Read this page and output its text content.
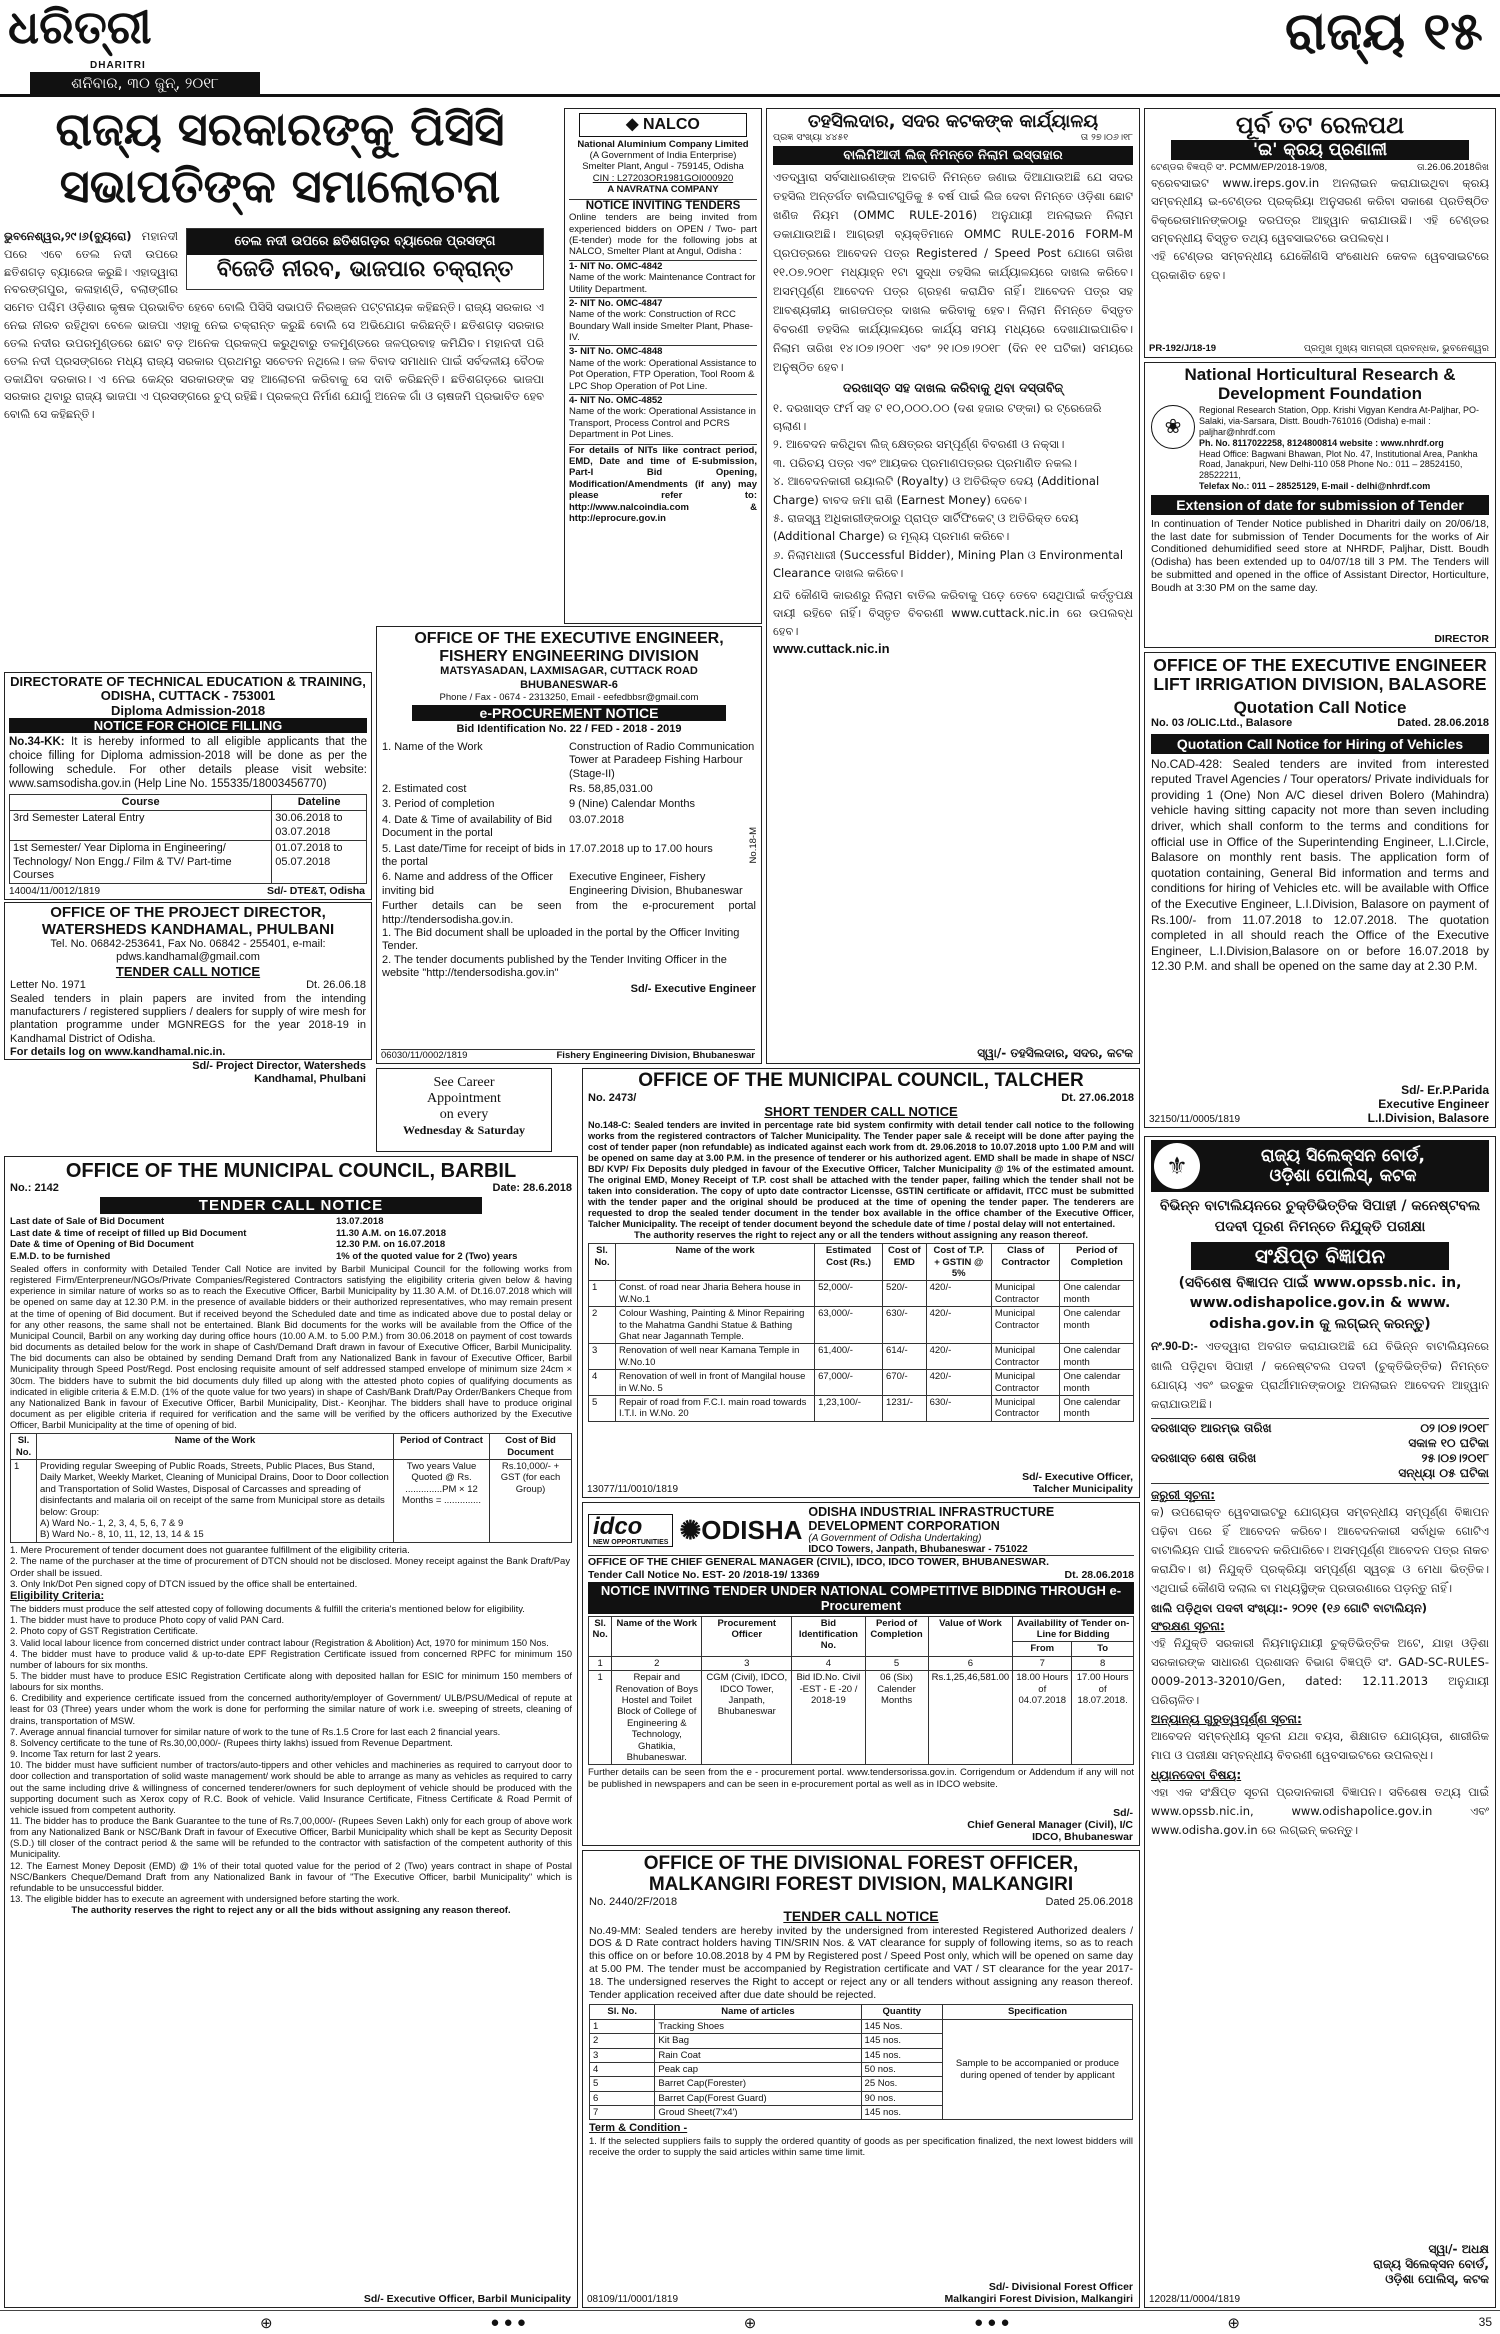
ଧରିତ୍ରୀ
DHARITRI
ଶନିବାର, ୩୦ ଜୁନ୍, ୨୦୧୮
ରାଜ୍ୟ ୧୫
ରାଜ୍ୟ ସରକାରଙ୍କୁ ପିସିସି
ସଭାପତିଙ୍କ ସମାଲୋଚନା
ତେଲ ନଦୀ ଉପରେ ଛତିଶଗଡ଼ର ବ୍ୟାରେଜ ପ୍ରସଙ୍ଗ
ବିଜେଡି ନୀରବ, ଭାଜପାର ଚକ୍ରାନ୍ତ
ଭୁବନେଶ୍ୱର,୨୯।୬(ବ୍ୟୁରୋ) ମହାନଦୀ ପରେ ଏବେ ତେଲ ନଦୀ ଉପରେ ଛତିଶଗଡ଼ ବ୍ୟାରେଜ କରୁଛି। ଏହାଦ୍ୱାରା ନବରଙ୍ଗପୁର, କଳାହାଣ୍ଡି, ବଲାଙ୍ଗୀର ସମେତ ପଶ୍ଚିମ ଓଡ଼ିଶାର କୃଷକ ପ୍ରଭାବିତ ହେବେ ବୋଲି ପିସିସି ସଭାପତି ନିରଞ୍ଜନ ପଟ୍ଟନାୟକ କହିଛନ୍ତି। ରାଜ୍ୟ ସରକାର ଏ ନେଇ ନୀରବ ରହିଥିବା ବେଳେ ଭାଜପା ଏହାକୁ ନେଇ ଚକ୍ରାନ୍ତ କରୁଛି ବୋଲି ସେ ଅଭିଯୋଗ କରିଛନ୍ତି। ଛତିଶଗଡ଼ ସରକାର ତେଲ ନଦୀର ଉପରମୁଣ୍ଡରେ ଛୋଟ ବଡ଼ ଅନେକ ପ୍ରକଳ୍ପ କରୁଥିବାରୁ ତଳମୁଣ୍ଡରେ ଜଳପ୍ରବାହ କମିଯିବ। ମହାନଦୀ ପରି ତେଲ ନଦୀ ପ୍ରସଙ୍ଗରେ ମଧ୍ୟ ରାଜ୍ୟ ସରକାର ପ୍ରଥମରୁ ସଚେତନ ନଥିଲେ। ଜଳ ବିବାଦ ସମାଧାନ ପାଇଁ ସର୍ବଦଳୀୟ ବୈଠକ ଡକାଯିବା ଦରକାର। ଏ ନେଇ କେନ୍ଦ୍ର ସରକାରଙ୍କ ସହ ଆଲୋଚନା କରିବାକୁ ସେ ଦାବି କରିଛନ୍ତି। ଛତିଶଗଡ଼ରେ ଭାଜପା ସରକାର ଥିବାରୁ ରାଜ୍ୟ ଭାଜପା ଏ ପ୍ରସଙ୍ଗରେ ଚୁପ୍ ରହିଛି। ପ୍ରକଳ୍ପ ନିର୍ମାଣ ଯୋଗୁଁ ଅନେକ ଗାଁ ଓ ଚାଷଜମି ପ୍ରଭାବିତ ହେବ ବୋଲି ସେ କହିଛନ୍ତି।
DIRECTORATE OF TECHNICAL EDUCATION & TRAINING, ODISHA, CUTTACK - 753001
Diploma Admission-2018
NOTICE FOR CHOICE FILLING
No.34-KK: It is hereby informed to all eligible applicants that the choice filling for Diploma admission-2018 will be done as per the following schedule. For other details please visit website: www.samsodisha.gov.in (Help Line No. 155335/18003456770)
Course	Dateline
3rd Semester Lateral Entry	30.06.2018 to 03.07.2018
1st Semester/ Year Diploma in Engineering/ Technology/ Non Engg./ Film & TV/ Part-time Courses	01.07.2018 to 05.07.2018
14004/11/0012/1819	Sd/- DTE&T, Odisha
OFFICE OF THE PROJECT DIRECTOR,
WATERSHEDS KANDHAMAL, PHULBANI
Tel. No. 06842-253641, Fax No. 06842 - 255401, e-mail: pdws.kandhamal@gmail.com
TENDER CALL NOTICE
Letter No. 1971	Dt. 26.06.18
Sealed tenders in plain papers are invited from the intending manufacturers / registered suppliers / dealers for supply of wire mesh for plantation programme under MGNREGS for the year 2018-19 in Kandhamal District of Odisha.
For details log on www.kandhamal.nic.in.
Sd/- Project Director, Watersheds
Kandhamal, Phulbani
◆ NALCO
National Aluminium Company Limited
(A Government of India Enterprise)
Smelter Plant, Angul - 759145, Odisha
CIN : L27203OR1981GOI000920
A NAVRATNA COMPANY
NOTICE INVITING TENDERS
Online tenders are being invited from experienced bidders on OPEN / Two- part (E-tender) mode for the following jobs at NALCO, Smelter Plant at Angul, Odisha :
1- NIT No. OMC-4842
Name of the work: Maintenance Contract for Utility Department.
2- NIT No. OMC-4847
Name of the work: Construction of RCC Boundary Wall inside Smelter Plant, Phase-IV.
3- NIT No. OMC-4848
Name of the work: Operational Assistance to Pot Operation, FTP Operation, Tool Room & LPC Shop Operation of Pot Line.
4- NIT No. OMC-4852
Name of the work: Operational Assistance in Transport, Process Control and PCRS Department in Pot Lines.
For details of NITs like contract period, EMD, Date and time of E-submission, Part-I Bid Opening, Modification/Amendments (if any) may please refer to: http://www.nalcoindia.com & http://eprocure.gov.in
OFFICE OF THE EXECUTIVE ENGINEER,
FISHERY ENGINEERING DIVISION
MATSYASADAN, LAXMISAGAR, CUTTACK ROAD
BHUBANESWAR-6
Phone / Fax - 0674 - 2313250, Email - eefedbbsr@gmail.com
e-PROCUREMENT NOTICE
Bid Identification No. 22 / FED - 2018 - 2019
1. Name of the Work	Construction of Radio Communication Tower at Paradeep Fishing Harbour (Stage-II)
2. Estimated cost	Rs. 58,85,031.00
3. Period of completion	9 (Nine) Calendar Months
4. Date & Time of availability of Bid Document in the portal
03.07.2018
5. Last date/Time for receipt of bids in the portal
17.07.2018 up to 17.00 hours
6. Name and address of the Officer inviting bid
Executive Engineer, Fishery Engineering Division, Bhubaneswar
Further details can be seen from the e-procurement portal http://tendersodisha.gov.in.
1. The Bid document shall be uploaded in the portal by the Officer Inviting Tender.
2. The tender documents published by the Tender Inviting Officer in the website "http://tendersodisha.gov.in"
Sd/- Executive Engineer
06030/11/0002/1819	Fishery Engineering Division, Bhubaneswar
No.18-M
See Career
Appointment
on every
Wednesday & Saturday
ତହସିଲଦାର, ସଦର କଟକଙ୍କ କାର୍ଯ୍ୟାଳୟ
ପ୍ରଜ୍ଞ ସଂଖ୍ୟା ୪୪୫୧	ତା ୨୭।୦୬।୧୮
ବାଲିମିଆଦୀ ଲିଜ୍ ନିମନ୍ତେ ନିଲାମ ଇସ୍ତାହାର
ଏତଦ୍ୱାରା ସର୍ବସାଧାରଣଙ୍କ ଅବଗତି ନିମନ୍ତେ ଜଣାଇ ଦିଆଯାଉଅଛି ଯେ ସଦର ତହସିଲ ଅନ୍ତର୍ଗତ ବାଲିଘାଟଗୁଡିକୁ ୫ ବର୍ଷ ପାଇଁ ଲିଜ ଦେବା ନିମନ୍ତେ ଓଡ଼ିଶା ଛୋଟ ଖଣିଜ ନିୟମ (OMMC RULE-2016) ଅନୁଯାୟୀ ଅନଲାଇନ ନିଲାମ ଡକାଯାଉଅଛି। ଆଗ୍ରହୀ ବ୍ୟକ୍ତିମାନେ OMMC RULE-2016 FORM-M ପ୍ରପତ୍ରରେ ଆବେଦନ ପତ୍ର Registered / Speed Post ଯୋଗେ ତାରିଖ ୧୧.୦୭.୨୦୧୮ ମଧ୍ୟାହ୍ନ ୧ଟା ସୁଦ୍ଧା ତହସିଲ କାର୍ଯ୍ୟାଳୟରେ ଦାଖଲ କରିବେ। ଅସମ୍ପୂର୍ଣ୍ଣ ଆବେଦନ ପତ୍ର ଗ୍ରହଣ କରାଯିବ ନାହିଁ। ଆବେଦନ ପତ୍ର ସହ ଆବଶ୍ୟକୀୟ କାଗଜପତ୍ର ଦାଖଲ କରିବାକୁ ହେବ। ନିଲାମ ନିମନ୍ତେ ବିସ୍ତୃତ ବିବରଣୀ ତହସିଲ କାର୍ଯ୍ୟାଳୟରେ କାର୍ଯ୍ୟ ସମୟ ମଧ୍ୟରେ ଦେଖାଯାଇପାରିବ। ନିଲାମ ତାରିଖ ୧୪।୦୭।୨୦୧୮ ଏବଂ ୨୧।୦୭।୨୦୧୮ (ଦିନ ୧୧ ଘଟିକା) ସମୟରେ ଅନୁଷ୍ଠିତ ହେବ।
ଦରଖାସ୍ତ ସହ ଦାଖଲ କରିବାକୁ ଥିବା ଦସ୍ତାବିଜ୍
୧. ଦରଖାସ୍ତ ଫର୍ମ ସହ ଟ ୧୦,୦୦୦.୦୦ (ଦଶ ହଜାର ଟଙ୍କା) ର ଟ୍ରେଜେରି ଚାଲାଣ।
୨. ଆବେଦନ କରିଥିବା ଲିଜ୍ କ୍ଷେତ୍ରର ସମ୍ପୂର୍ଣ୍ଣ ବିବରଣୀ ଓ ନକ୍ସା।
୩. ପରିଚୟ ପତ୍ର ଏବଂ ଆୟକର ପ୍ରମାଣପତ୍ରର ପ୍ରମାଣିତ ନକଲ।
୪. ଆବେଦନକାରୀ ରୟାଲଟି (Royalty) ଓ ଅତିରିକ୍ତ ଦେୟ (Additional Charge) ବାବଦ ଜମା ରାଶି (Earnest Money) ଦେବେ।
୫. ରାଜସ୍ୱ ଅଧିକାରୀଙ୍କଠାରୁ ପ୍ରାପ୍ତ ସାର୍ଟିଫିକେଟ୍ ଓ ଅତିରିକ୍ତ ଦେୟ (Additional Charge) ର ମୂଲ୍ୟ ପ୍ରମାଣ କରିବେ।
୬. ନିଲାମଧାରୀ (Successful Bidder), Mining Plan ଓ Environmental Clearance ଦାଖଲ କରିବେ।
ଯଦି କୌଣସି କାରଣରୁ ନିଲାମ ବାତିଲ କରିବାକୁ ପଡ଼େ ତେବେ ସେଥିପାଇଁ କର୍ତ୍ତୃପକ୍ଷ ଦାୟୀ ରହିବେ ନାହିଁ। ବିସ୍ତୃତ ବିବରଣୀ www.cuttack.nic.in ରେ ଉପଲବ୍ଧ ହେବ।
www.cuttack.nic.in
ସ୍ୱା/- ତହସିଲଦାର, ସଦର, କଟକ
OFFICE OF THE MUNICIPAL COUNCIL, TALCHER
No. 2473/	Dt. 27.06.2018
SHORT TENDER CALL NOTICE
No.148-C: Sealed tenders are invited in percentage rate bid system confirmity with detail tender call notice to the following works from the registered contractors of Talcher Municipality. The Tender paper sale & receipt will be done after paying the cost of tender paper (non refundable) as indicated against each work from dt. 29.06.2018 to 10.07.2018 upto 1.00 P.M and will be opened on same day at 3.00 P.M. in the presence of tenderer or his authorized agent. EMD shall be made in shape of NSC/ BD/ KVP/ Fix Deposits duly pledged in favour of the Executive Officer, Talcher Municipality @ 1% of the estimated amount. The original EMD, Money Receipt of T.P. cost shall be attached with the tender paper, failing which the tender shall not be taken into consideration. The copy of upto date contractor Licensse, GSTIN certificate or affidavit, ITCC must be submitted with the tender paper and the original should be produced at the time of opening the tender paper. The tenderers are requested to drop the sealed tender document in the tender box available in the office chamber of the Executive Officer, Talcher Municipality. The receipt of tender document beyond the schedule date of time / postal delay will not entertained.
The authority reserves the right to reject any or all the tenders without assigning any reason thereof.
Sl. No.	Name of the work	Estimated Cost (Rs.)	Cost of EMD	Cost of T.P. + GSTIN @ 5%	Class of Contractor	Period of Completion
1	Const. of road near Jharia Behera house in W.No.1	52,000/-	520/-	420/-	Municipal Contractor	One calendar month
2	Colour Washing, Painting & Minor Repairing to the Mahatma Gandhi Statue & Bathing Ghat near Jagannath Temple.	63,000/-	630/-	420/-	Municipal Contractor	One calendar month
3	Renovation of well near Kamana Temple in W.No.10	61,400/-	614/-	420/-	Municipal Contractor	One calendar month
4	Renovation of well in front of Mangilal house in W.No. 5	67,000/-	670/-	420/-	Municipal Contractor	One calendar month
5	Repair of road from F.C.I. main road towards I.T.I. in W.No. 20	1,23,100/-	1231/-	630/-	Municipal Contractor	One calendar month
13077/11/0010/1819
Sd/- Executive Officer,
Talcher Municipality
idco
NEW OPPORTUNITIES ✺ODISHA
ODISHA INDUSTRIAL INFRASTRUCTURE
DEVELOPMENT CORPORATION
(A Government of Odisha Undertaking)
IDCO Towers, Janpath, Bhubaneswar - 751022
OFFICE OF THE CHIEF GENERAL MANAGER (CIVIL), IDCO, IDCO TOWER, BHUBANESWAR.
Tender Call Notice No. EST- 20 /2018-19/ 13369	Dt. 28.06.2018
NOTICE INVITING TENDER UNDER NATIONAL COMPETITIVE BIDDING THROUGH e-Procurement
Sl. No.	Name of the Work	Procurement Officer	Bid Identification No.	Period of Completion	Value of Work	Availability of Tender on-Line for Bidding	
						From	To
1	2	3	4	5	6	7	8
1	Repair and Renovation of Boys Hostel and Toilet Block of College of Engineering & Technology, Ghatikia, Bhubaneswar.	CGM (Civil), IDCO, IDCO Tower, Janpath, Bhubaneswar	Bid ID.No. Civil -EST - E -20 / 2018-19	06 (Six) Calender Months	Rs.1,25,46,581.00	18.00 Hours of 04.07.2018	17.00 Hours of 18.07.2018.
Further details can be seen from the e - procurement portal. www.tendersorissa.gov.in. Corrigendum or Addendum if any will not be published in newspapers and can be seen in e-procurement portal as well as in IDCO website.
Sd/-
Chief General Manager (Civil), I/C
IDCO, Bhubaneswar
OFFICE OF THE DIVISIONAL FOREST OFFICER,
MALKANGIRI FOREST DIVISION, MALKANGIRI
No. 2440/2F/2018	Dated 25.06.2018
TENDER CALL NOTICE
No.49-MM: Sealed tenders are hereby invited by the undersigned from interested Registered Authorized dealers / DOS & D Rate contract holders having TIN/SRIN Nos. & VAT clearance for supply of following items, so as to reach this office on or before 10.08.2018 by 4 PM by Registered post / Speed Post only, which will be opened on same day at 5.00 PM. The tender must be accompanied by Registration certificate and VAT / ST clearance for the year 2017-18. The undersigned reserves the Right to accept or reject any or all tenders without assigning any reason thereof. Tender application received after due date should be rejected.
Sl. No.	Name of articles	Quantity	Specification
1	Tracking Shoes	145 Nos.	Sample to be accompanied or produce during opened of tender by applicant
2	Kit Bag	145 nos.	
3	Rain Coat	145 nos.	
4	Peak cap	50 nos.	
5	Barret Cap(Forester)	25 Nos.	
6	Barret Cap(Forest Guard)	90 nos.	
7	Groud Sheet(7'x4')	145 nos.	
Term & Condition -
1. If the selected suppliers fails to supply the ordered quantity of goods as per specification finalized, the next lowest bidders will receive the order to supply the said articles within same time limit.
08109/11/0001/1819
Sd/- Divisional Forest Officer
Malkangiri Forest Division, Malkangiri
OFFICE OF THE MUNICIPAL COUNCIL, BARBIL
No.: 2142	Date: 28.6.2018
TENDER CALL NOTICE
Last date of Sale of Bid Document	13.07.2018
Last date & time of receipt of filled up Bid Document	11.30 A.M. on 16.07.2018
Date & time of Opening of Bid Document	12.30 P.M. on 16.07.2018
E.M.D. to be furnished	1% of the quoted value for 2 (Two) years
Sealed offers in conformity with Detailed Tender Call Notice are invited by Barbil Municipal Council for the following works from registered Firm/Enterpreneur/NGOs/Private Companies/Registered Contractors satisfying the eligibility criteria given below & having experience in similar nature of works so as to reach the Executive Officer, Barbil Municipality by 11.30 A.M. of Dt.16.07.2018 which will be opened on same day at 12.30 P.M. in the presence of available bidders or their authorized representatives, who may remain present at the time of opening of Bid document. But if received beyond the Scheduled date and time as indicated above due to postal delay or for any other reasons, the same shall not be entertained. Blank Bid documents for the works will be available from the Office of the Municipal Council, Barbil on any working day during office hours (10.00 A.M. to 5.00 P.M.) from 30.06.2018 on payment of cost towards bid documents as detailed below for the work in shape of Cash/Demand Draft drawn in favour of Executive Officer, Barbil Municipality. The bid documents can also be obtained by sending Demand Draft from any Nationalized Bank in favour of Executive Officer, Barbil Municipality through Speed Post/Regd. Post enclosing requisite amount of self addressed stamped envelope of minimum size 24cm × 30cm. The bidders have to submit the bid documents duly filled up along with the attested photo copies of qualifying documents as indicated in eligible criteria & E.M.D. (1% of the quote value for two years) in shape of Cash/Bank Draft/Pay Order/Bankers Cheque from any Nationalized Bank in favour of Executive Officer, Barbil Municipality, Dist.- Keonjhar. The bidders shall have to produce original document as per eligible criteria if required for verification and the same will be verified by the officers authorized by the Executive Officer, Barbil Municipality at the time of opening of bid.
Sl. No.	Name of the Work	Period of Contract	Cost of Bid Document
1	Providing regular Sweeping of Public Roads, Streets, Public Places, Bus Stand, Daily Market, Weekly Market, Cleaning of Municipal Drains, Door to Door collection and Transportation of Solid Wastes, Disposal of Carcasses and spreading of disinfectants and malaria oil on receipt of the same from Municipal store as details below: Group:
A) Ward No.- 1, 2, 3, 4, 5, 6, 7 & 9
B) Ward No.- 8, 10, 11, 12, 13, 14 & 15	Two years Value Quoted @ Rs. ..............PM × 12 Months = ..............	Rs.10,000/- + GST (for each Group)
1. Mere Procurement of tender document does not guarantee fulfillment of the eligibility criteria.
2. The name of the purchaser at the time of procurement of DTCN should not be disclosed. Money receipt against the Bank Draft/Pay Order shall be issued.
3. Only Ink/Dot Pen signed copy of DTCN issued by the office shall be entertained.
Eligibility Criteria:
The bidders must produce the self attested copy of following documents & fulfill the criteria's mentioned below for eligibility.
1. The bidder must have to produce Photo copy of valid PAN Card.
2. Photo copy of GST Registration Certificate.
3. Valid local labour licence from concerned district under contract labour (Registration & Abolition) Act, 1970 for minimum 150 Nos.
4. The bidder must have to produce valid & up-to-date EPF Registration Certificate issued from concerned RPFC for minimum 150 number of labours for six months.
5. The bidder must have to produce ESIC Registration Certificate along with deposited hallan for ESIC for minimum 150 members of labours for six months.
6. Credibility and experience certificate issued from the concerned authority/employer of Government/ ULB/PSU/Medical of repute at least for 03 (Three) years under whom the work is done for performing the similar nature of work i.e. sweeping of streets, cleaning of drains, transportation of MSW.
7. Average annual financial turnover for similar nature of work to the tune of Rs.1.5 Crore for last each 2 financial years.
8. Solvency certificate to the tune of Rs.30,00,000/- (Rupees thirty lakhs) issued from Revenue Department.
9. Income Tax return for last 2 years.
10. The bidder must have sufficient number of tractors/auto-tippers and other vehicles and machineries as required to carryout door to door collection and transportation of solid waste management/ work should be able to arrange as many as vehicles as required to carry out the same including drive & willingness of concerned tenderer/owners for such deployment of vehicle should be produced with the supporting document such as Xerox copy of R.C. Book of vehicle. Valid Insurance Certificate, Fitness Certificate & Road Permit of vehicle issued from competent authority.
11. The bidder has to produce the Bank Guarantee to the tune of Rs.7,00,000/- (Rupees Seven Lakh) only for each group of above work from any Nationalized Bank or NSC/Bank Draft in favour of Executive Officer, Barbil Municipality which shall be kept as Security Deposit (S.D.) till closer of the contract period & the same will be refunded to the contractor with satisfaction of the competent authority of this Municipality.
12. The Earnest Money Deposit (EMD) @ 1% of their total quoted value for the period of 2 (Two) years contract in shape of Postal NSC/Bankers Cheque/Demand Draft from any Nationalized Bank in favour of "The Executive Officer, barbil Municipality" which is refundable to be unsuccessful bidder.
13. The eligible bidder has to execute an agreement with undersigned before starting the work.
The authority reserves the right to reject any or all the bids without assigning any reason thereof.
Sd/- Executive Officer, Barbil Municipality
ପୂର୍ବ ତଟ ରେଳପଥ
'ଇ' କ୍ରୟ ପ୍ରଣାଳୀ
ଟେଣ୍ଡର ବିଜ୍ଞପ୍ତି ସଂ. PCMM/EP/2018-19/08,	ତା.26.06.2018ରିଖ
ବ୍ରେବସାଇଟ www.ireps.gov.in ଅନଲାଇନ କରାଯାଇଥିବା କ୍ରୟ ସମ୍ବନ୍ଧୀୟ ଇ-ଟେଣ୍ଡର ପ୍ରକ୍ରିୟା ଅନୁସରଣ କରିବା ସକାଶେ ପ୍ରତିଷ୍ଠିତ ବିକ୍ରେତାମାନଙ୍କଠାରୁ ଦରପତ୍ର ଆହ୍ୱାନ କରାଯାଉଛି। ଏହି ଟେଣ୍ଡର ସମ୍ବନ୍ଧୀୟ ବିସ୍ତୃତ ତଥ୍ୟ ୱେବସାଇଟରେ ଉପଲବ୍ଧ।
ଏହି ଟେଣ୍ଡର ସମ୍ବନ୍ଧୀୟ ଯେକୌଣସି ସଂଶୋଧନ କେବଳ ୱେବସାଇଟରେ ପ୍ରକାଶିତ ହେବ।
PR-192/J/18-19	ପ୍ରମୁଖ ମୁଖ୍ୟ ସାମଗ୍ରୀ ପ୍ରବନ୍ଧକ, ଭୁବନେଶ୍ୱର
National Horticultural Research & Development Foundation
❀
Regional Research Station, Opp. Krishi Vigyan Kendra At-Paljhar, PO-Salaki, via-Sarsara, Distt. Boudh-761016 (Odisha) e-mail : paljhar@nhrdf.com
Ph. No. 8117022258, 8124800814 website : www.nhrdf.org
Head Office: Bagwani Bhawan, Plot No. 47, Institutional Area, Pankha Road, Janakpuri, New Delhi-110 058 Phone No.: 011 – 28524150, 28522211,
Telefax No.: 011 – 28525129, E-mail - delhi@nhrdf.com
Extension of date for submission of Tender
In continuation of Tender Notice published in Dharitri daily on 20/06/18, the last date for submission of Tender Documents for the works of Air Conditioned dehumidified seed store at NHRDF, Paljhar, Distt. Boudh (Odisha) has been extended up to 04/07/18 till 3 PM. The Tenders will be submitted and opened in the office of Assistant Director, Horticulture, Boudh at 3:30 PM on the same day.
DIRECTOR
OFFICE OF THE EXECUTIVE ENGINEER
LIFT IRRIGATION DIVISION, BALASORE
Quotation Call Notice
No. 03 /OLIC.Ltd., Balasore	Dated. 28.06.2018
Quotation Call Notice for Hiring of Vehicles
No.CAD-428: Sealed tenders are invited from interested reputed Travel Agencies / Tour operators/ Private individuals for providing 1 (One) Non A/C diesel driven Bolero (Mahindra) vehicle having sitting capacity not more than seven including driver, which shall conform to the terms and conditions for official use in Office of the Superintending Engineer, L.I.Circle, Balasore on monthly rent basis. The application form of quotation containing, General Bid information and terms and conditions for hiring of Vehicles etc. will be available with Office of the Executive Engineer, L.I.Division, Balasore on payment of Rs.100/- from 11.07.2018 to 12.07.2018. The quotation completed in all should reach the Office of the Executive Engineer, L.I.Division,Balasore on or before 16.07.2018 by 12.30 P.M. and shall be opened on the same day at 2.30 P.M.
Sd/- Er.P.Parida
Executive Engineer
L.I.Division, Balasore
32150/11/0005/1819
⚜	ରାଜ୍ୟ ସିଲେକ୍ସନ ବୋର୍ଡ,
ଓଡ଼ିଶା ପୋଲିସ୍, କଟକ
ବିଭିନ୍ନ ବାଟାଲିୟନରେ ଚୁକ୍ତିଭିତ୍ତିକ ସିପାହୀ / କନେଷ୍ଟବଲ ପଦବୀ ପୂରଣ ନିମନ୍ତେ ନିଯୁକ୍ତି ପରୀକ୍ଷା
ସଂକ୍ଷିପ୍ତ ବିଜ୍ଞାପନ
(ସବିଶେଷ ବିଜ୍ଞାପନ ପାଇଁ www.opssb.nic. in, www.odishapolice.gov.in & www. odisha.gov.in କୁ ଲଗ୍ଇନ୍ କରନ୍ତୁ)
ନଂ.90-D:- ଏତଦ୍ୱାରା ଅବଗତ କରାଯାଉଅଛି ଯେ ବିଭିନ୍ନ ବାଟାଲିୟନରେ ଖାଲି ପଡ଼ିଥିବା ସିପାହୀ / କନେଷ୍ଟବଲ ପଦବୀ (ଚୁକ୍ତିଭିତ୍ତିକ) ନିମନ୍ତେ ଯୋଗ୍ୟ ଏବଂ ଇଚ୍ଛୁକ ପ୍ରାର୍ଥୀମାନଙ୍କଠାରୁ ଅନଲାଇନ ଆବେଦନ ଆହ୍ୱାନ କରାଯାଉଅଛି।
ଦରଖାସ୍ତ ଆରମ୍ଭ ତାରିଖ	୦୨।୦୭।୨୦୧୮
ସକାଳ ୧୦ ଘଟିକା
ଦରଖାସ୍ତ ଶେଷ ତାରିଖ	୨୫।୦୭।୨୦୧୮
ସନ୍ଧ୍ୟା ୦୫ ଘଟିକା
ଜରୁରୀ ସୂଚନା:
କ) ଉପରୋକ୍ତ ୱେବସାଇଟରୁ ଯୋଗ୍ୟତା ସମ୍ବନ୍ଧୀୟ ସମ୍ପୂର୍ଣ୍ଣ ବିଜ୍ଞାପନ ପଢ଼ିବା ପରେ ହିଁ ଆବେଦନ କରିବେ। ଆବେଦନକାରୀ ସର୍ବାଧିକ ଗୋଟିଏ ବାଟାଲିୟନ ପାଇଁ ଆବେଦନ କରିପାରିବେ। ଅସମ୍ପୂର୍ଣ୍ଣ ଆବେଦନ ପତ୍ର ନାକଚ କରାଯିବ। ଖ) ନିଯୁକ୍ତି ପ୍ରକ୍ରିୟା ସମ୍ପୂର୍ଣ୍ଣ ସ୍ୱଚ୍ଛ ଓ ମେଧା ଭିତ୍ତିକ। ଏଥିପାଇଁ କୌଣସି ଦଲାଲ ବା ମଧ୍ୟସ୍ଥିଙ୍କ ପ୍ରତାରଣାରେ ପଡ଼ନ୍ତୁ ନାହିଁ।
ଖାଲି ପଡ଼ିଥିବା ପଦବୀ ସଂଖ୍ୟା:- ୨୦୨୧ (୧୬ ଗୋଟି ବାଟାଲିୟନ)
ସଂରକ୍ଷଣ ସୂଚନା:
ଏହି ନିଯୁକ୍ତି ସରକାରୀ ନିୟମାନୁଯାୟୀ ଚୁକ୍ତିଭିତ୍ତିକ ଅଟେ, ଯାହା ଓଡ଼ିଶା ସରକାରଙ୍କ ସାଧାରଣ ପ୍ରଶାସନ ବିଭାଗ ବିଜ୍ଞପ୍ତି ସଂ. GAD-SC-RULES-0009-2013-32010/Gen, dated: 12.11.2013 ଅନୁଯାୟୀ ପରିଚାଳିତ।
ଅନ୍ୟାନ୍ୟ ଗୁରୁତ୍ୱପୂର୍ଣ୍ଣ ସୂଚନା:
ଆବେଦନ ସମ୍ବନ୍ଧୀୟ ସୂଚନା ଯଥା ବୟସ, ଶିକ୍ଷାଗତ ଯୋଗ୍ୟତା, ଶାରୀରିକ ମାପ ଓ ପରୀକ୍ଷା ସମ୍ବନ୍ଧୀୟ ବିବରଣୀ ୱେବସାଇଟରେ ଉପଲବ୍ଧ।
ଧ୍ୟାନଦେବା ବିଷୟ:
ଏହା ଏକ ସଂକ୍ଷିପ୍ତ ସୂଚନା ପ୍ରଦାନକାରୀ ବିଜ୍ଞାପନ। ସବିଶେଷ ତଥ୍ୟ ପାଇଁ www.opssb.nic.in, www.odishapolice.gov.in ଏବଂ www.odisha.gov.in ରେ ଲଗ୍ଇନ୍ କରନ୍ତୁ।
ସ୍ୱା/- ଅଧକ୍ଷ
ରାଜ୍ୟ ସିଲେକ୍ସନ ବୋର୍ଡ,
ଓଡ଼ିଶା ପୋଲିସ୍, କଟକ
12028/11/0004/1819
⊕	● ● ●	⊕	● ● ●	⊕	35
